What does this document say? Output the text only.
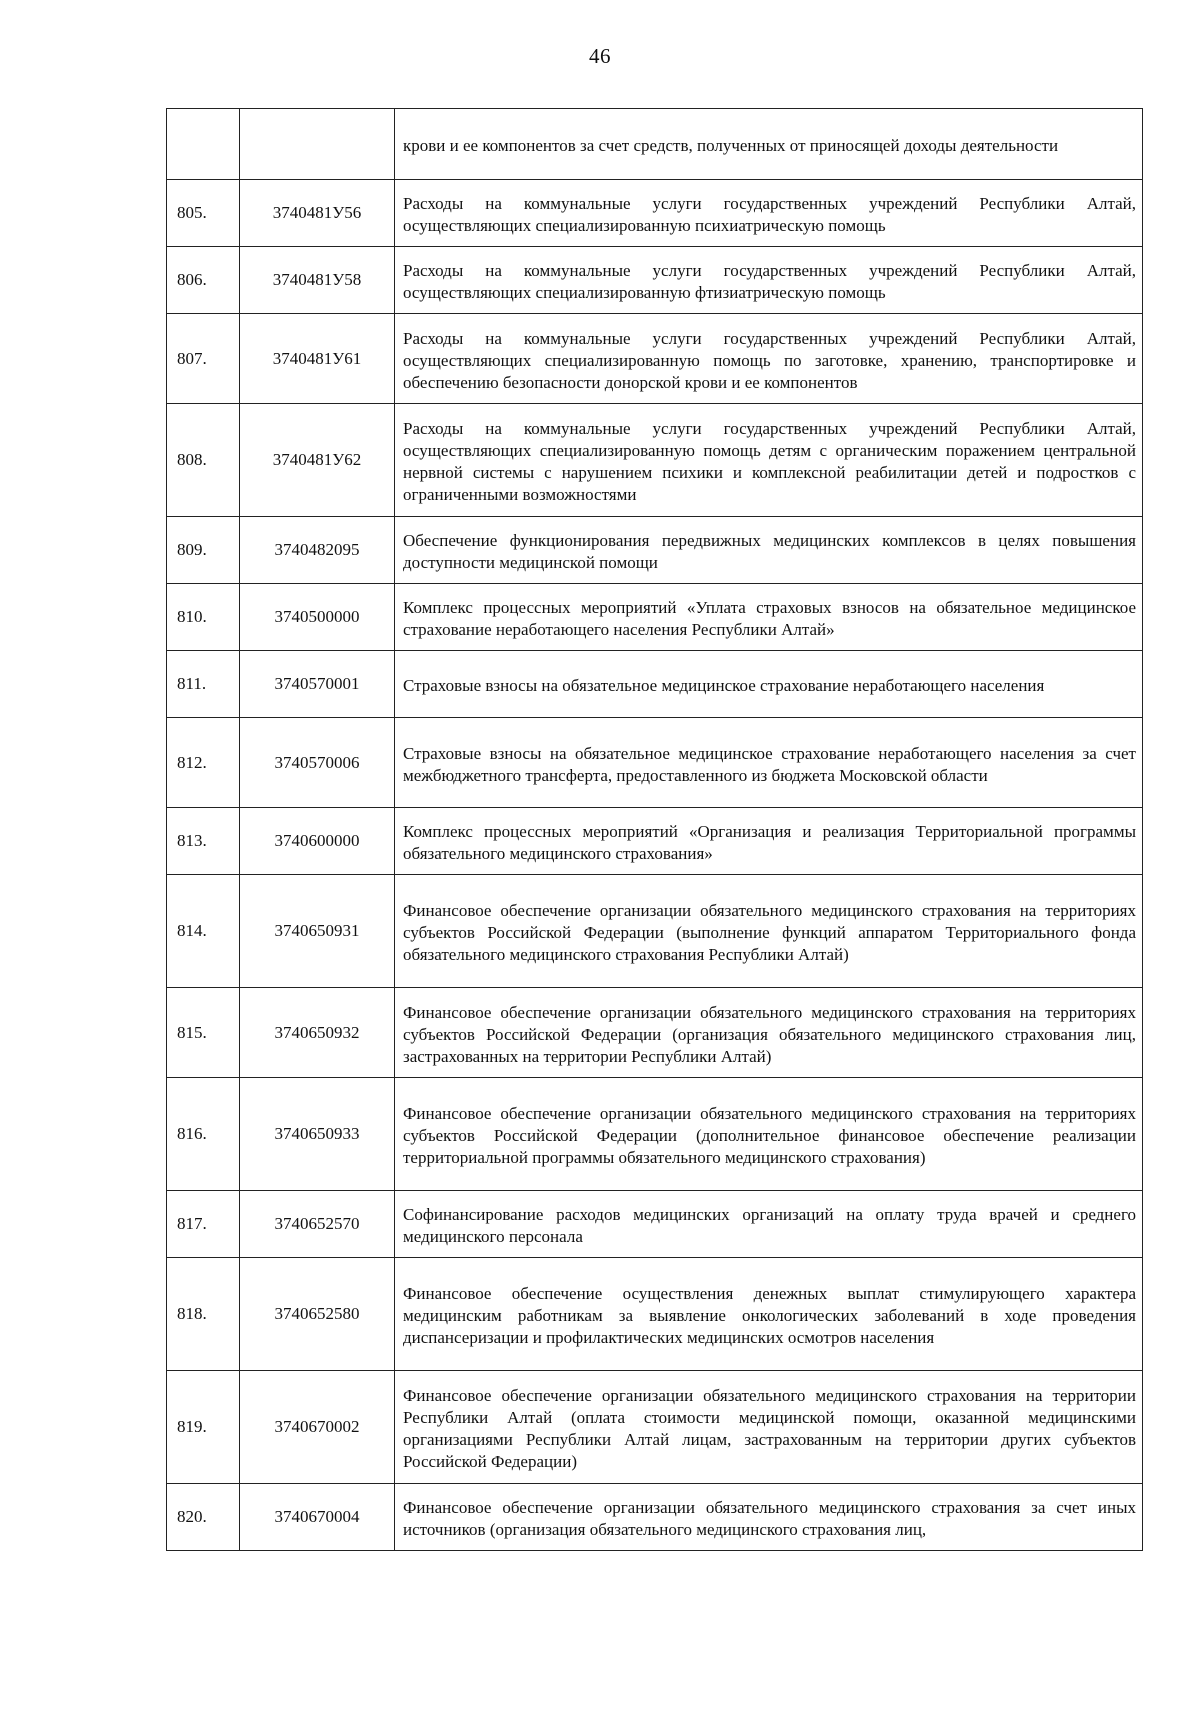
46
		крови и ее компонентов за счет средств, полученных от приносящей доходы деятельности
805.	3740481У56	Расходы на коммунальные услуги государственных учреждений Республики Алтай, осуществляющих специализированную психиатрическую помощь
806.	3740481У58	Расходы на коммунальные услуги государственных учреждений Республики Алтай, осуществляющих специализированную фтизиатрическую помощь
807.	3740481У61	Расходы на коммунальные услуги государственных учреждений Республики Алтай, осуществляющих специализированную помощь по заготовке, хранению, транспортировке и обеспечению безопасности донорской крови и ее компонентов
808.	3740481У62	Расходы на коммунальные услуги государственных учреждений Республики Алтай, осуществляющих специализированную помощь детям с органическим поражением центральной нервной системы с нарушением психики и комплексной реабилитации детей и подростков с ограниченными возможностями
809.	3740482095	Обеспечение функционирования передвижных медицинских комплексов в целях повышения доступности медицинской помощи
810.	3740500000	Комплекс процессных мероприятий «Уплата страховых взносов на обязательное медицинское страхование неработающего населения Республики Алтай»
811.	3740570001	Страховые взносы на обязательное медицинское страхование неработающего населения
812.	3740570006	Страховые взносы на обязательное медицинское страхование неработающего населения за счет межбюджетного трансферта, предоставленного из бюджета Московской области
813.	3740600000	Комплекс процессных мероприятий «Организация и реализация Территориальной программы обязательного медицинского страхования»
814.	3740650931	Финансовое обеспечение организации обязательного медицинского страхования на территориях субъектов Российской Федерации (выполнение функций аппаратом Территориального фонда обязательного медицинского страхования Республики Алтай)
815.	3740650932	Финансовое обеспечение организации обязательного медицинского страхования на территориях субъектов Российской Федерации (организация обязательного медицинского страхования лиц, застрахованных на территории Республики Алтай)
816.	3740650933	Финансовое обеспечение организации обязательного медицинского страхования на территориях субъектов Российской Федерации (дополнительное финансовое обеспечение реализации территориальной программы обязательного медицинского страхования)
817.	3740652570	Софинансирование расходов медицинских организаций на оплату труда врачей и среднего медицинского персонала
818.	3740652580	Финансовое обеспечение осуществления денежных выплат стимулирующего характера медицинским работникам за выявление онкологических заболеваний в ходе проведения диспансеризации и профилактических медицинских осмотров населения
819.	3740670002	Финансовое обеспечение организации обязательного медицинского страхования на территории Республики Алтай (оплата стоимости медицинской помощи, оказанной медицинскими организациями Республики Алтай лицам, застрахованным на территории других субъектов Российской Федерации)
820.	3740670004	Финансовое обеспечение организации обязательного медицинского страхования за счет иных источников (организация обязательного медицинского страхования лиц,
